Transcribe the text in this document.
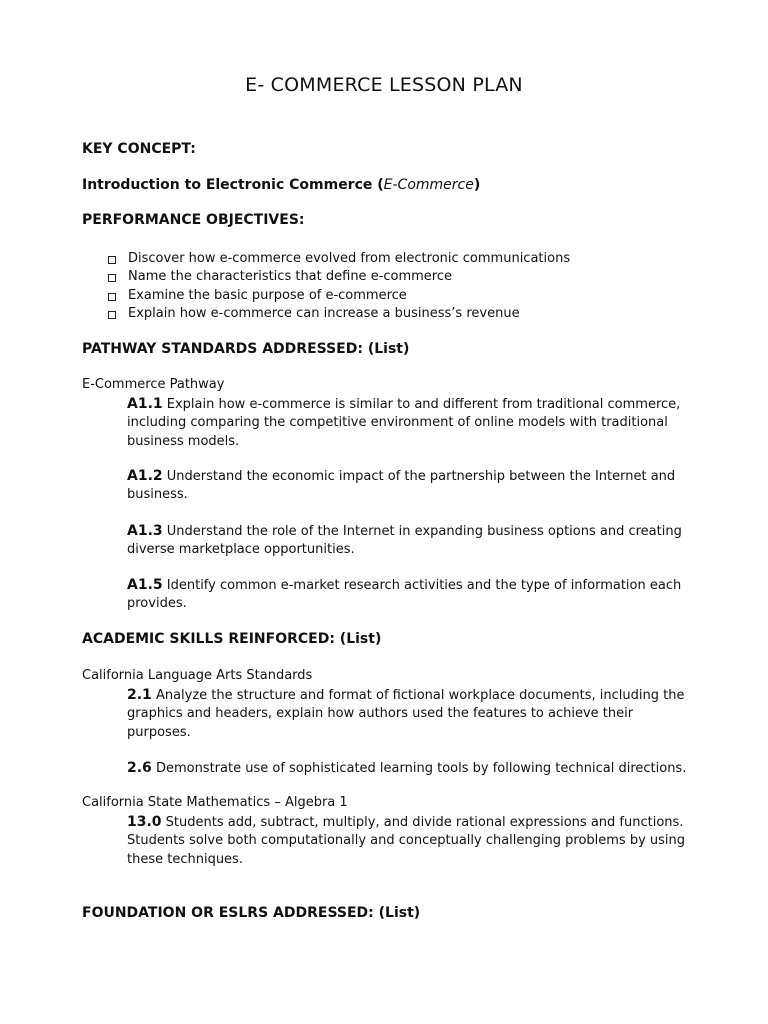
E- COMMERCE LESSON PLAN
KEY CONCEPT:
Introduction to Electronic Commerce (E-Commerce)
PERFORMANCE OBJECTIVES:
Discover how e-commerce evolved from electronic communications
Name the characteristics that define e-commerce
Examine the basic purpose of e-commerce
Explain how e-commerce can increase a business’s revenue
PATHWAY STANDARDS ADDRESSED: (List)
E-Commerce Pathway
A1.1 Explain how e-commerce is similar to and different from traditional commerce, including comparing the competitive environment of online models with traditional business models.
A1.2 Understand the economic impact of the partnership between the Internet and business.
A1.3 Understand the role of the Internet in expanding business options and creating diverse marketplace opportunities.
A1.5 Identify common e-market research activities and the type of information each provides.
ACADEMIC SKILLS REINFORCED: (List)
California Language Arts Standards
2.1 Analyze the structure and format of fictional workplace documents, including the graphics and headers, explain how authors used the features to achieve their purposes.
2.6 Demonstrate use of sophisticated learning tools by following technical directions.
California State Mathematics – Algebra 1
13.0 Students add, subtract, multiply, and divide rational expressions and functions. Students solve both computationally and conceptually challenging problems by using these techniques.
FOUNDATION OR ESLRS ADDRESSED: (List)
